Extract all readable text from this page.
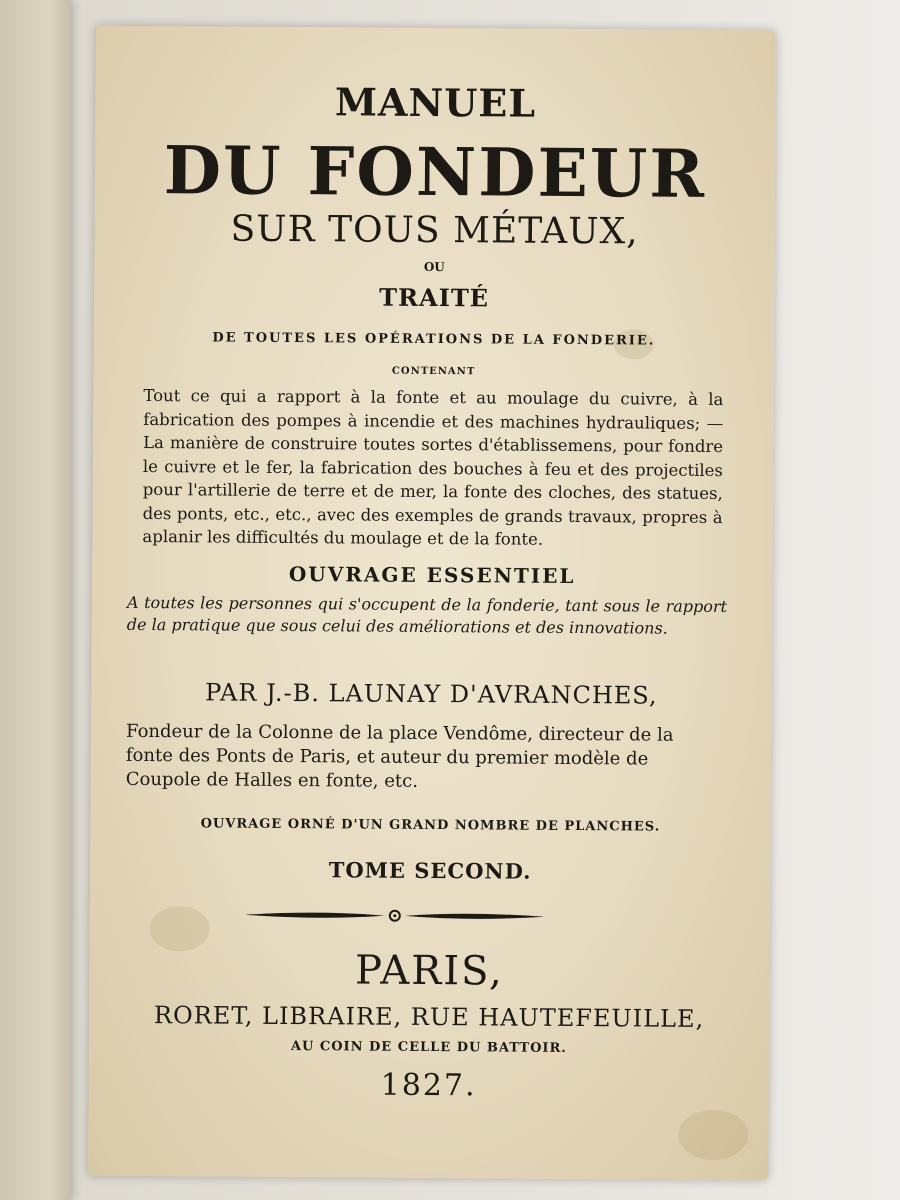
MANUEL
DU FONDEUR
SUR TOUS MÉTAUX,
OU
TRAITÉ
DE TOUTES LES OPÉRATIONS DE LA FONDERIE.
CONTENANT
Tout ce qui a rapport à la fonte et au moulage du cuivre, à la fabrication des pompes à incendie et des machines hydrauliques; — La manière de construire toutes sortes d'établissemens, pour fondre le cuivre et le fer, la fabrication des bouches à feu et des projectiles pour l'artillerie de terre et de mer, la fonte des cloches, des statues, des ponts, etc., etc., avec des exemples de grands travaux, propres à aplanir les difficultés du moulage et de la fonte.
OUVRAGE ESSENTIEL
A toutes les personnes qui s'occupent de la fonderie, tant sous le rapport de la pratique que sous celui des améliorations et des innovations.
PAR J.-B. LAUNAY D'AVRANCHES,
Fondeur de la Colonne de la place Vendôme, directeur de la fonte des Ponts de Paris, et auteur du premier modèle de Coupole de Halles en fonte, etc.
OUVRAGE ORNÉ D'UN GRAND NOMBRE DE PLANCHES.
TOME SECOND.
PARIS,
RORET, LIBRAIRE, RUE HAUTEFEUILLE,
AU COIN DE CELLE DU BATTOIR.
1827.
